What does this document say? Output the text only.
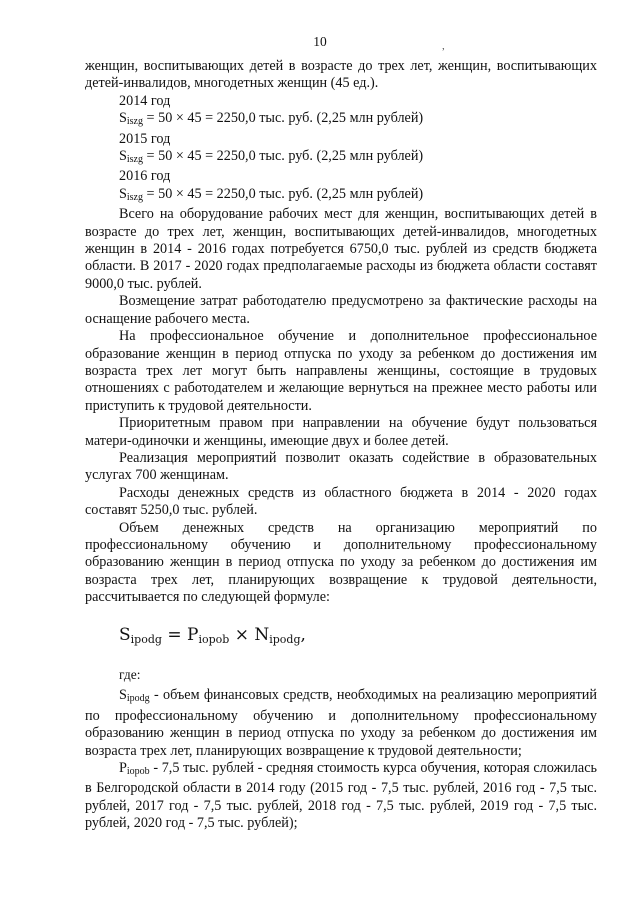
10	,

женщин, воспитывающих детей в возрасте до трех лет, женщин, воспитывающих детей-инвалидов, многодетных женщин (45 ед.).

2014 год

$S_{iszg} = 50 \times 45 = 2250,0$ тыс. руб. (2,25 млн рублей)

2015 год

$S_{iszg} = 50 \times 45 = 2250,0$ тыс. руб. (2,25 млн рублей)

2016 год

$S_{iszg} = 50 \times 45 = 2250,0$ тыс. руб. (2,25 млн рублей)

Всего на оборудование рабочих мест для женщин, воспитывающих детей в возрасте до трех лет, женщин, воспитывающих детей-инвалидов, многодетных женщин в 2014 - 2016 годах потребуется 6750,0 тыс. рублей из средств бюджета области. В 2017 - 2020 годах предполагаемые расходы из бюджета области составят 9000,0 тыс. рублей.

Возмещение затрат работодателю предусмотрено за фактические расходы на оснащение рабочего места.

На профессиональное обучение и дополнительное профессиональное образование женщин в период отпуска по уходу за ребенком до достижения им возраста трех лет могут быть направлены женщины, состоящие в трудовых отношениях с работодателем и желающие вернуться на прежнее место работы или приступить к трудовой деятельности.

Приоритетным правом при направлении на обучение будут пользоваться матери-одиночки и женщины, имеющие двух и более детей.

Реализация мероприятий позволит оказать содействие в образовательных услугах 700 женщинам.

Расходы денежных средств из областного бюджета в 2014 - 2020 годах составят 5250,0 тыс. рублей.

Объем денежных средств на организацию мероприятий по профессиональному обучению и дополнительному профессиональному образованию женщин в период отпуска по уходу за ребенком до достижения им возраста трех лет, планирующих возвращение к трудовой деятельности, рассчитывается по следующей формуле:

$S_{ipodg} = P_{iopob} \times N_{ipodg}$,

где:

$S_{ipodg}$ - объем финансовых средств, необходимых на реализацию мероприятий по профессиональному обучению и дополнительному профессиональному образованию женщин в период отпуска по уходу за ребенком до достижения им возраста трех лет, планирующих возвращение к трудовой деятельности;

$P_{iopob} - 7,5$ тыс. рублей - средняя стоимость курса обучения, которая сложилась в Белгородской области в 2014 году (2015 год - 7,5 тыс. рублей, 2016 год - 7,5 тыс. рублей, 2017 год - 7,5 тыс. рублей, 2018 год - 7,5 тыс. рублей, 2019 год - 7,5 тыс. рублей, 2020 год - 7,5 тыс. рублей);
